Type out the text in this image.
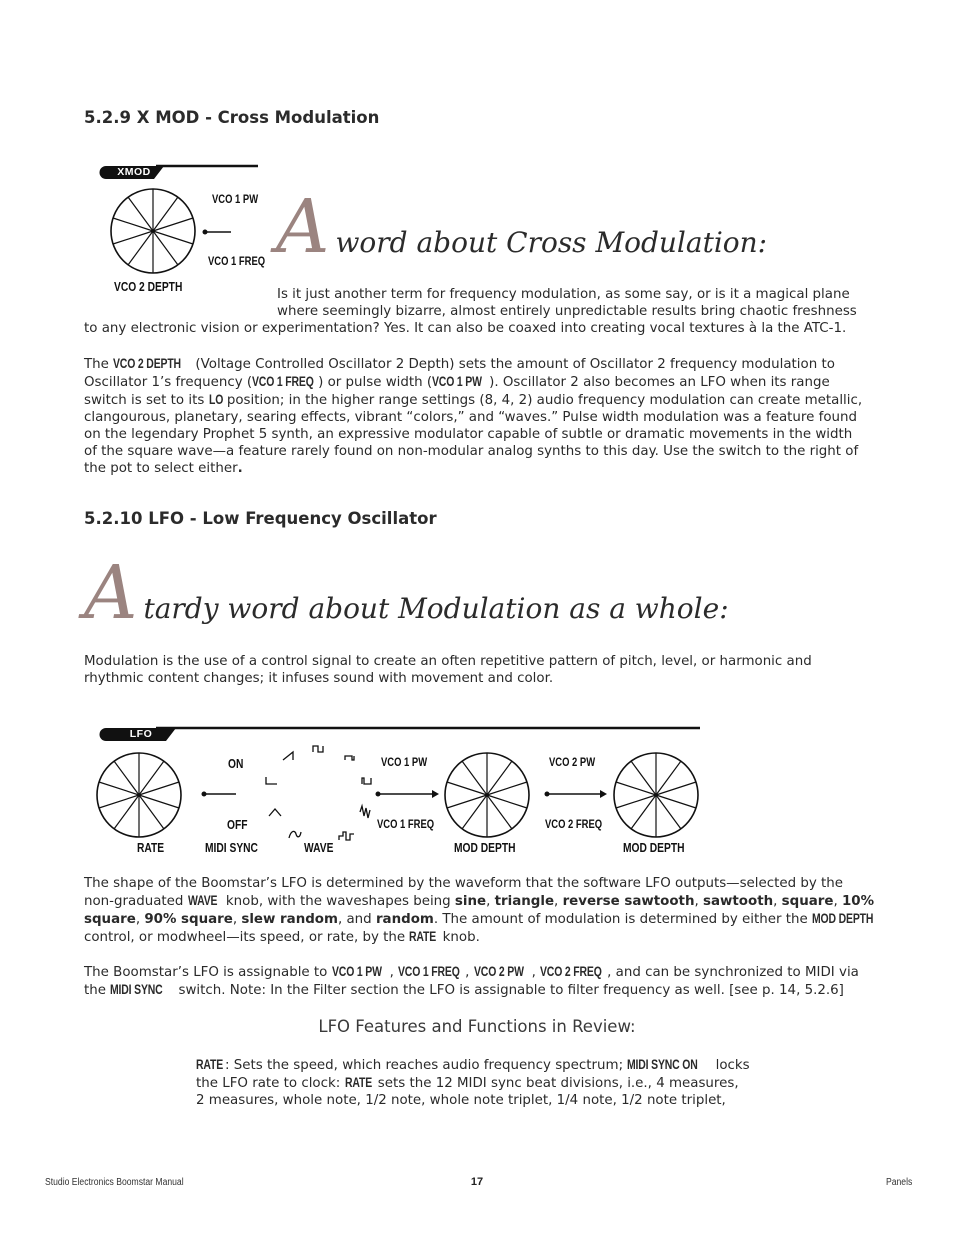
5.2.9 X MOD - Cross Modulation
XMOD
VCO 2 DEPTH
VCO 1 PW
VCO 1 FREQ Aword about Cross Modulation:
Is it just another term for frequency modulation, as some say, or is it a magical plane
where seemingly bizarre, almost entirely unpredictable results bring chaotic freshness
to any electronic vision or experimentation? Yes. It can also be coaxed into creating vocal textures à la the ATC-1.
The VCO 2 DEPTH (Voltage Controlled Oscillator 2 Depth) sets the amount of Oscillator 2 frequency modulation to
Oscillator 1’s frequency (VCO 1 FREQ ) or pulse width (VCO 1 PW ). Oscillator 2 also becomes an LFO when its range
switch is set to its LO position; in the higher range settings (8, 4, 2) audio frequency modulation can create metallic,
clangourous, planetary, searing effects, vibrant “colors,” and “waves.” Pulse width modulation was a feature found
on the legendary Prophet 5 synth, an expressive modulator capable of subtle or dramatic movements in the width
of the square wave—a feature rarely found on non-modular analog synths to this day. Use the switch to the right of
the pot to select either.
5.2.10 LFO - Low Frequency Oscillator
Atardy word about Modulation as a whole:
Modulation is the use of a control signal to create an often repetitive pattern of pitch, level, or harmonic and
rhythmic content changes; it infuses sound with movement and color.
LFO
RATE
ON
OFF
MIDI SYNC	WAVE
VCO 1 PW
VCO 1 FREQ
MOD DEPTH
VCO 2 PW
VCO 2 FREQ
MOD DEPTH
The shape of the Boomstar’s LFO is determined by the waveform that the software LFO outputs—selected by the
non-graduated WAVE knob, with the waveshapes being sine, triangle, reverse sawtooth, sawtooth, square, 10%
square, 90% square, slew random, and random. The amount of modulation is determined by either the MOD DEPTH
control, or modwheel—its speed, or rate, by the RATE knob.
The Boomstar’s LFO is assignable to VCO 1 PW , VCO 1 FREQ , VCO 2 PW , VCO 2 FREQ , and can be synchronized to MIDI via
the MIDI SYNC switch. Note: In the Filter section the LFO is assignable to filter frequency as well. [see p. 14, 5.2.6]
LFO Features and Functions in Review:
RATE : Sets the speed, which reaches audio frequency spectrum; MIDI SYNC ON locks
the LFO rate to clock: RATE sets the 12 MIDI sync beat divisions, i.e., 4 measures,
2 measures, whole note, 1/2 note, whole note triplet, 1/4 note, 1/2 note triplet,
Studio Electronics Boomstar Manual	17	Panels
